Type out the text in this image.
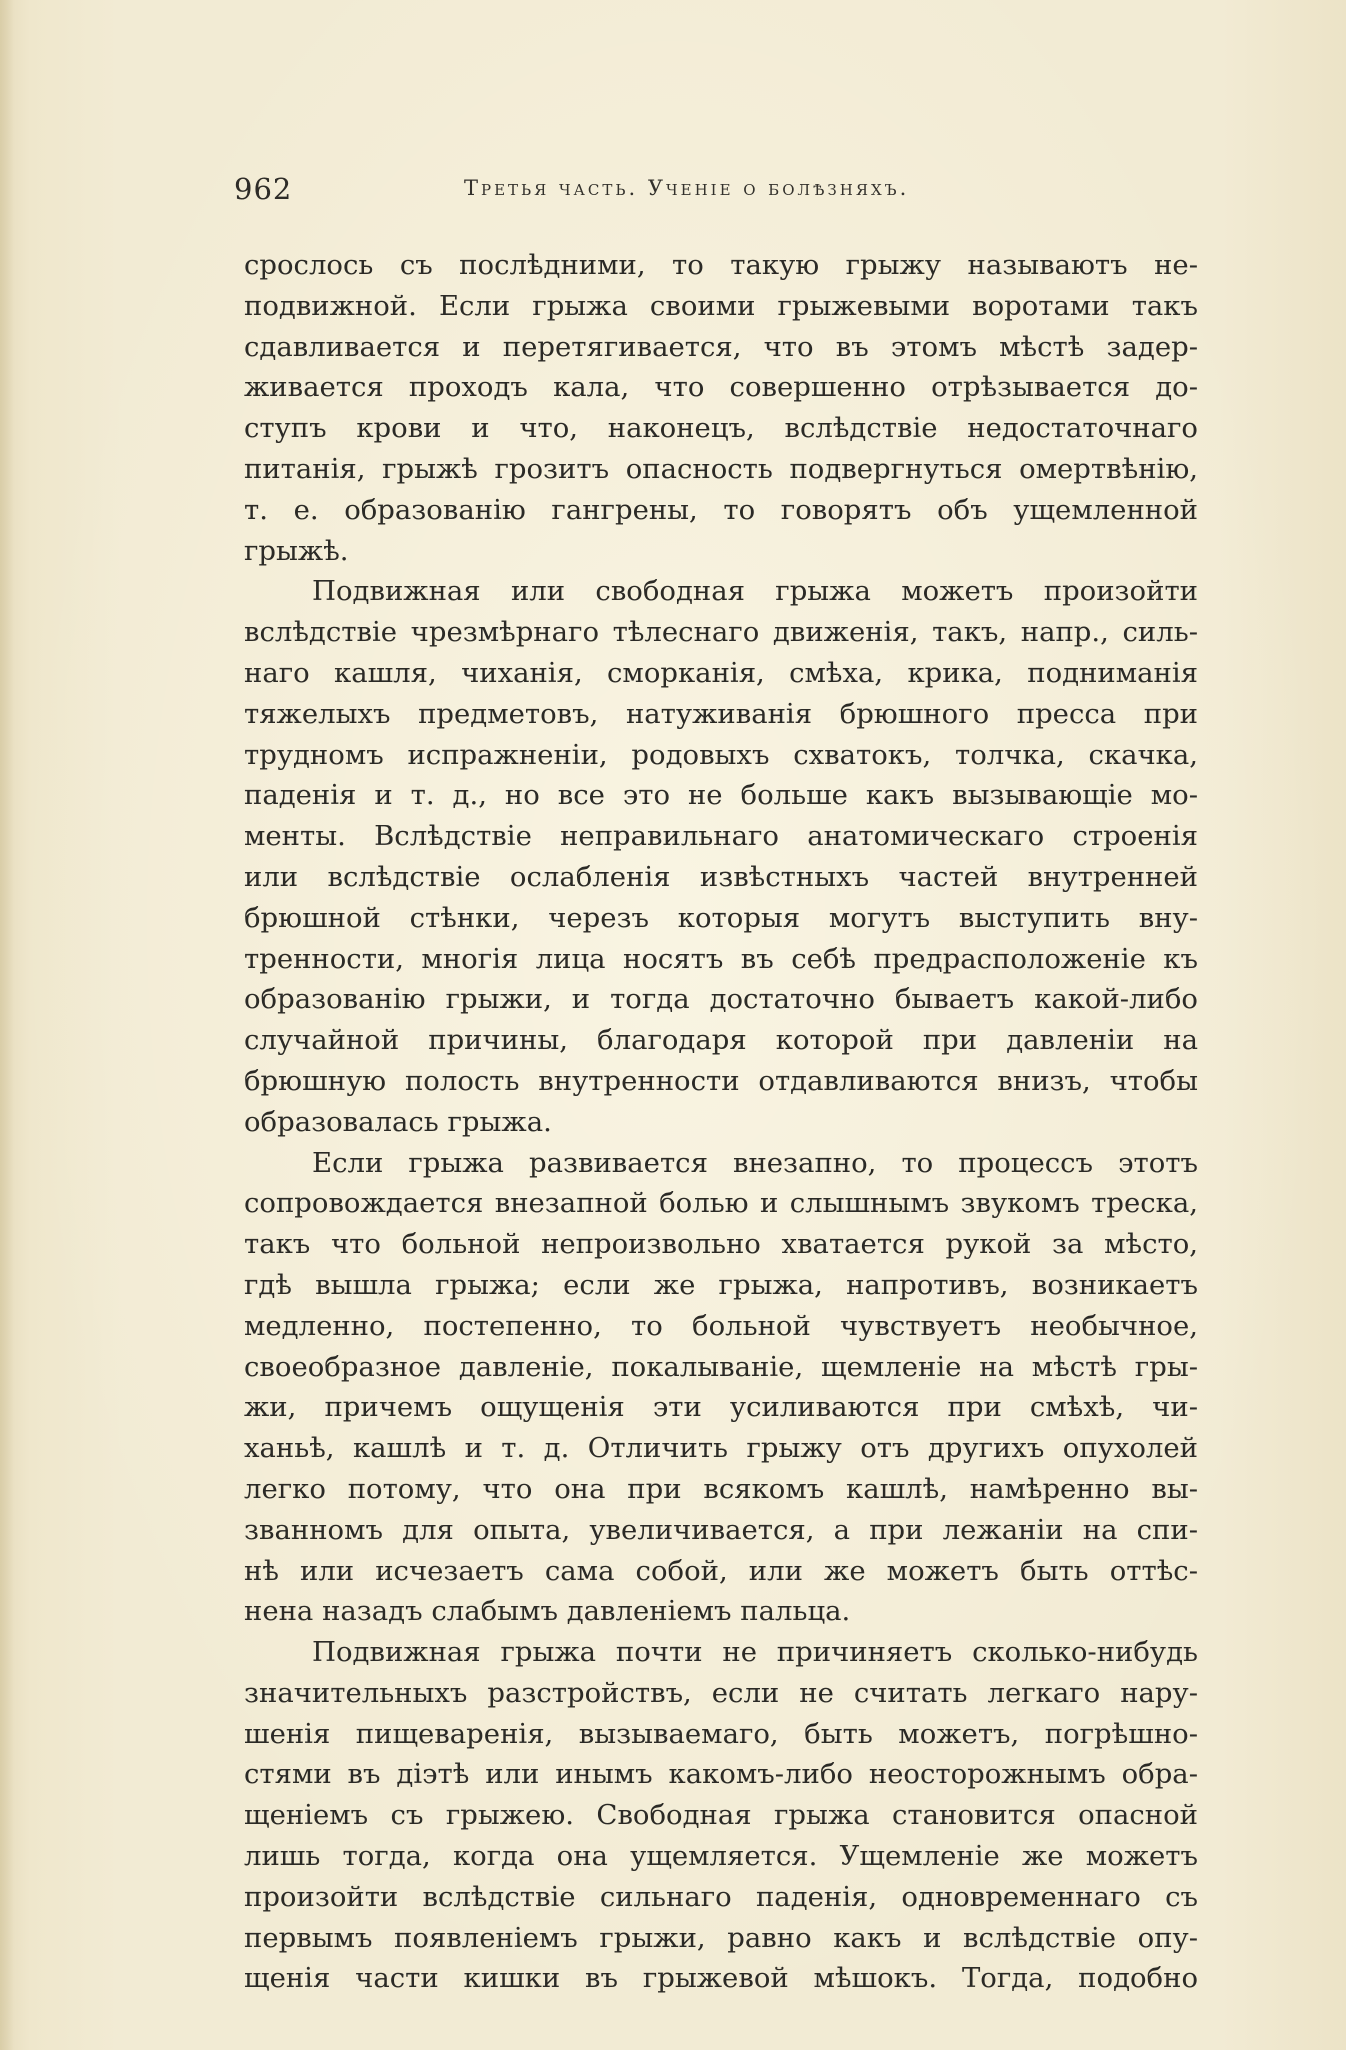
962	Третья часть. Ученіе о болѣзняхъ.
срослось съ послѣдними, то такую грыжу называютъ не-
подвижной. Если грыжа своими грыжевыми воротами такъ
сдавливается и перетягивается, что въ этомъ мѣстѣ задер-
живается проходъ кала, что совершенно отрѣзывается до-
ступъ крови и что, наконецъ, вслѣдствіе недостаточнаго
питанія, грыжѣ грозитъ опасность подвергнуться омертвѣнію,
т. е. образованію гангрены, то говорятъ объ ущемленной
грыжѣ.
Подвижная или свободная грыжа можетъ произойти
вслѣдствіе чрезмѣрнаго тѣлеснаго движенія, такъ, напр., силь-
наго кашля, чиханія, сморканія, смѣха, крика, подниманія
тяжелыхъ предметовъ, натуживанія брюшного пресса при
трудномъ испражненіи, родовыхъ схватокъ, толчка, скачка,
паденія и т. д., но все это не больше какъ вызывающіе мо-
менты. Вслѣдствіе неправильнаго анатомическаго строенія
или вслѣдствіе ослабленія извѣстныхъ частей внутренней
брюшной стѣнки, черезъ которыя могутъ выступить вну-
тренности, многія лица носятъ въ себѣ предрасположеніе къ
образованію грыжи, и тогда достаточно бываетъ какой-либо
случайной причины, благодаря которой при давленіи на
брюшную полость внутренности отдавливаются внизъ, чтобы
образовалась грыжа.
Если грыжа развивается внезапно, то процессъ этотъ
сопровождается внезапной болью и слышнымъ звукомъ треска,
такъ что больной непроизвольно хватается рукой за мѣсто,
гдѣ вышла грыжа; если же грыжа, напротивъ, возникаетъ
медленно, постепенно, то больной чувствуетъ необычное,
своеобразное давленіе, покалываніе, щемленіе на мѣстѣ гры-
жи, причемъ ощущенія эти усиливаются при смѣхѣ, чи-
ханьѣ, кашлѣ и т. д. Отличить грыжу отъ другихъ опухолей
легко потому, что она при всякомъ кашлѣ, намѣренно вы-
званномъ для опыта, увеличивается, а при лежаніи на спи-
нѣ или исчезаетъ сама собой, или же можетъ быть оттѣс-
нена назадъ слабымъ давленіемъ пальца.
Подвижная грыжа почти не причиняетъ сколько-нибудь
значительныхъ разстройствъ, если не считать легкаго нару-
шенія пищеваренія, вызываемаго, быть можетъ, погрѣшно-
стями въ діэтѣ или инымъ какомъ-либо неосторожнымъ обра-
щеніемъ съ грыжею. Свободная грыжа становится опасной
лишь тогда, когда она ущемляется. Ущемленіе же можетъ
произойти вслѣдствіе сильнаго паденія, одновременнаго съ
первымъ появленіемъ грыжи, равно какъ и вслѣдствіе опу-
щенія части кишки въ грыжевой мѣшокъ. Тогда, подобно
